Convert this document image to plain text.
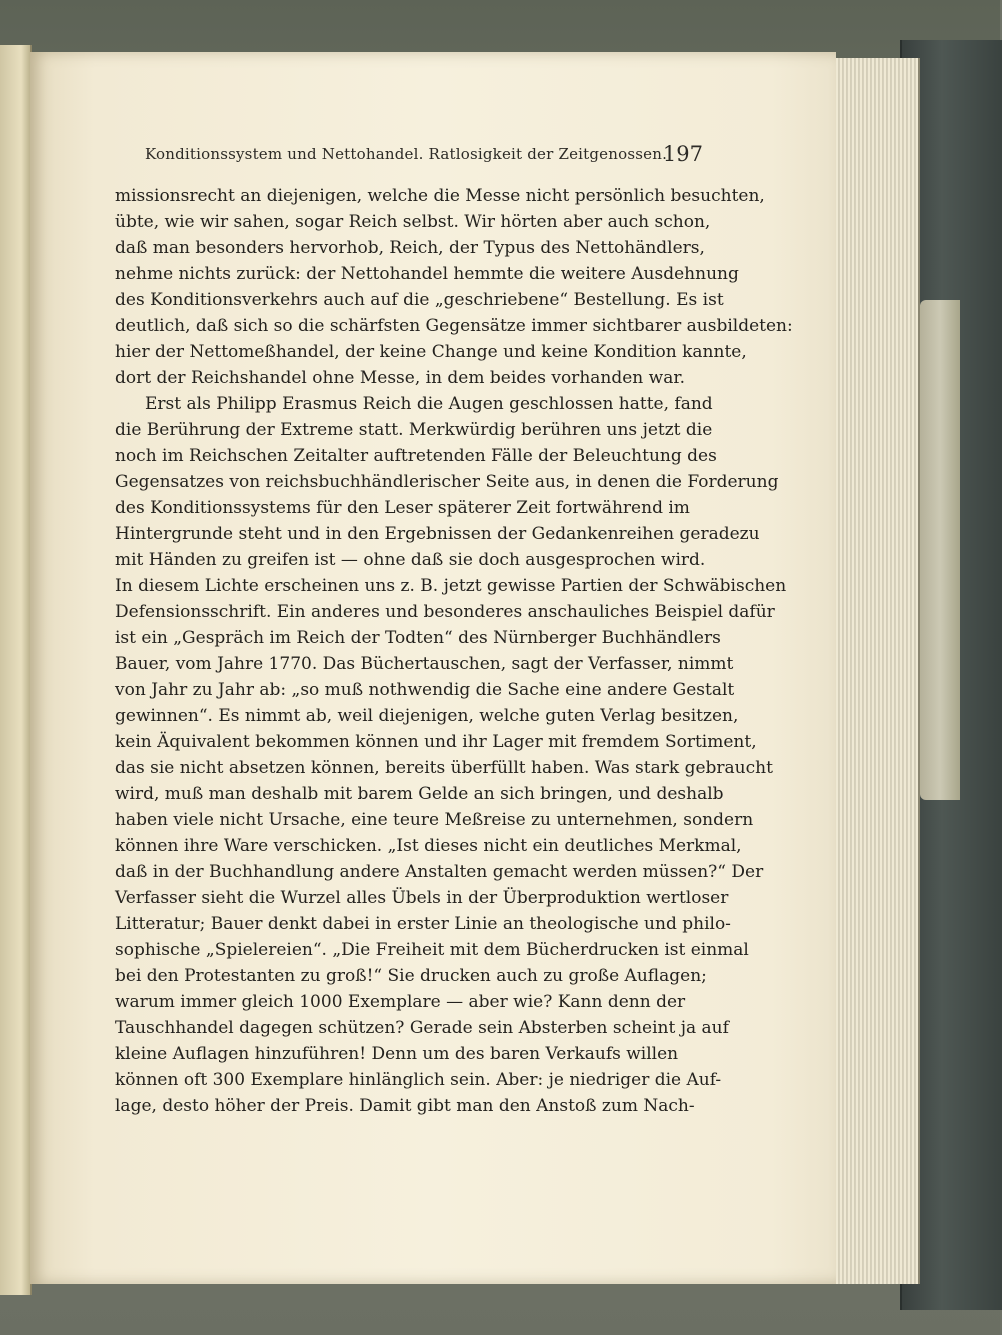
Konditionssystem und Nettohandel. Ratlosigkeit der Zeitgenossen.
197
missionsrecht an diejenigen, welche die Messe nicht persönlich besuchten,
übte, wie wir sahen, sogar Reich selbst. Wir hörten aber auch schon,
daß man besonders hervorhob, Reich, der Typus des Nettohändlers,
nehme nichts zurück: der Nettohandel hemmte die weitere Ausdehnung
des Konditionsverkehrs auch auf die „geschriebene“ Bestellung. Es ist
deutlich, daß sich so die schärfsten Gegensätze immer sichtbarer ausbildeten:
hier der Nettomeßhandel, der keine Change und keine Kondition kannte,
dort der Reichshandel ohne Messe, in dem beides vorhanden war.
Erst als Philipp Erasmus Reich die Augen geschlossen hatte, fand
die Berührung der Extreme statt. Merkwürdig berühren uns jetzt die
noch im Reichschen Zeitalter auftretenden Fälle der Beleuchtung des
Gegensatzes von reichsbuchhändlerischer Seite aus, in denen die Forderung
des Konditionssystems für den Leser späterer Zeit fortwährend im
Hintergrunde steht und in den Ergebnissen der Gedankenreihen geradezu
mit Händen zu greifen ist — ohne daß sie doch ausgesprochen wird.
In diesem Lichte erscheinen uns z. B. jetzt gewisse Partien der Schwäbischen
Defensionsschrift. Ein anderes und besonderes anschauliches Beispiel dafür
ist ein „Gespräch im Reich der Todten“ des Nürnberger Buchhändlers
Bauer, vom Jahre 1770. Das Büchertauschen, sagt der Verfasser, nimmt
von Jahr zu Jahr ab: „so muß nothwendig die Sache eine andere Gestalt
gewinnen“. Es nimmt ab, weil diejenigen, welche guten Verlag besitzen,
kein Äquivalent bekommen können und ihr Lager mit fremdem Sortiment,
das sie nicht absetzen können, bereits überfüllt haben. Was stark gebraucht
wird, muß man deshalb mit barem Gelde an sich bringen, und deshalb
haben viele nicht Ursache, eine teure Meßreise zu unternehmen, sondern
können ihre Ware verschicken. „Ist dieses nicht ein deutliches Merkmal,
daß in der Buchhandlung andere Anstalten gemacht werden müssen?“ Der
Verfasser sieht die Wurzel alles Übels in der Überproduktion wertloser
Litteratur; Bauer denkt dabei in erster Linie an theologische und philo-
sophische „Spielereien“. „Die Freiheit mit dem Bücherdrucken ist einmal
bei den Protestanten zu groß!“ Sie drucken auch zu große Auflagen;
warum immer gleich 1000 Exemplare — aber wie? Kann denn der
Tauschhandel dagegen schützen? Gerade sein Absterben scheint ja auf
kleine Auflagen hinzuführen! Denn um des baren Verkaufs willen
können oft 300 Exemplare hinlänglich sein. Aber: je niedriger die Auf-
lage, desto höher der Preis. Damit gibt man den Anstoß zum Nach-
